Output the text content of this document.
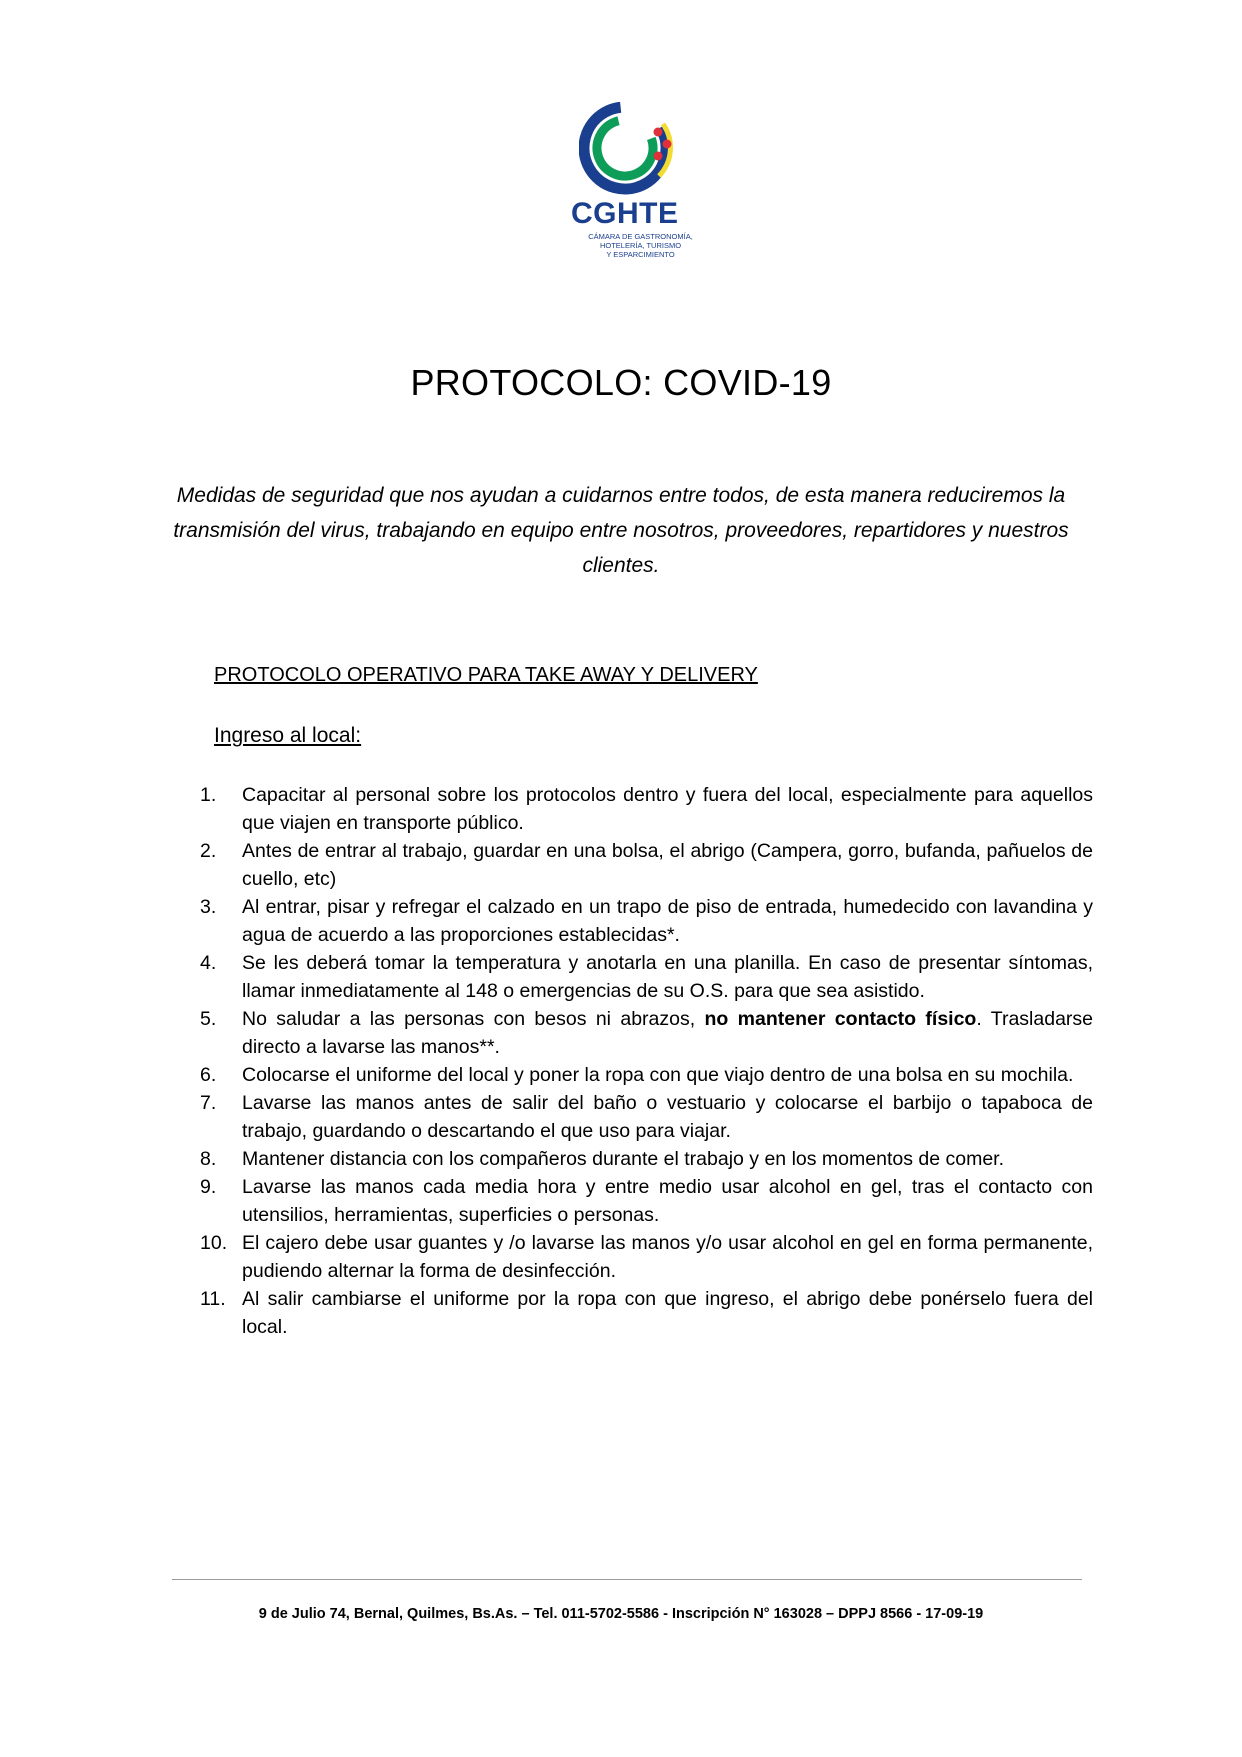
CGHTE
CÁMARA DE GASTRONOMÍA,
HOTELERÍA, TURISMO
Y ESPARCIMIENTO
PROTOCOLO: COVID-19
Medidas de seguridad que nos ayudan a cuidarnos entre todos, de esta manera reduciremos la transmisión del virus, trabajando en equipo entre nosotros, proveedores, repartidores y nuestros clientes.
PROTOCOLO OPERATIVO PARA TAKE AWAY Y DELIVERY
Ingreso al local:
1.	Capacitar al personal sobre los protocolos dentro y fuera del local, especialmente para aquellos que viajen en transporte público.
2.	Antes de entrar al trabajo, guardar en una bolsa, el abrigo (Campera, gorro, bufanda, pañuelos de cuello, etc)
3.	Al entrar, pisar y refregar el calzado en un trapo de piso de entrada, humedecido con lavandina y agua de acuerdo a las proporciones establecidas*.
4.	Se les deberá tomar la temperatura y anotarla en una planilla. En caso de presentar síntomas, llamar inmediatamente al 148 o emergencias de su O.S. para que sea asistido.
5.	No saludar a las personas con besos ni abrazos, no mantener contacto físico. Trasladarse directo a lavarse las manos**.
6.	Colocarse el uniforme del local y poner la ropa con que viajo dentro de una bolsa en su mochila.
7.	Lavarse las manos antes de salir del baño o vestuario y colocarse el barbijo o tapaboca de trabajo, guardando o descartando el que uso para viajar.
8.	Mantener distancia con los compañeros durante el trabajo y en los momentos de comer.
9.	Lavarse las manos cada media hora y entre medio usar alcohol en gel, tras el contacto con utensilios, herramientas, superficies o personas.
10. El cajero debe usar guantes y /o lavarse las manos y/o usar alcohol en gel en forma permanente, pudiendo alternar la forma de desinfección.
11. Al salir cambiarse el uniforme por la ropa con que ingreso, el abrigo debe ponérselo fuera del local.
9 de Julio 74, Bernal, Quilmes, Bs.As. – Tel. 011-5702-5586 - Inscripción N° 163028 – DPPJ 8566 - 17-09-19
